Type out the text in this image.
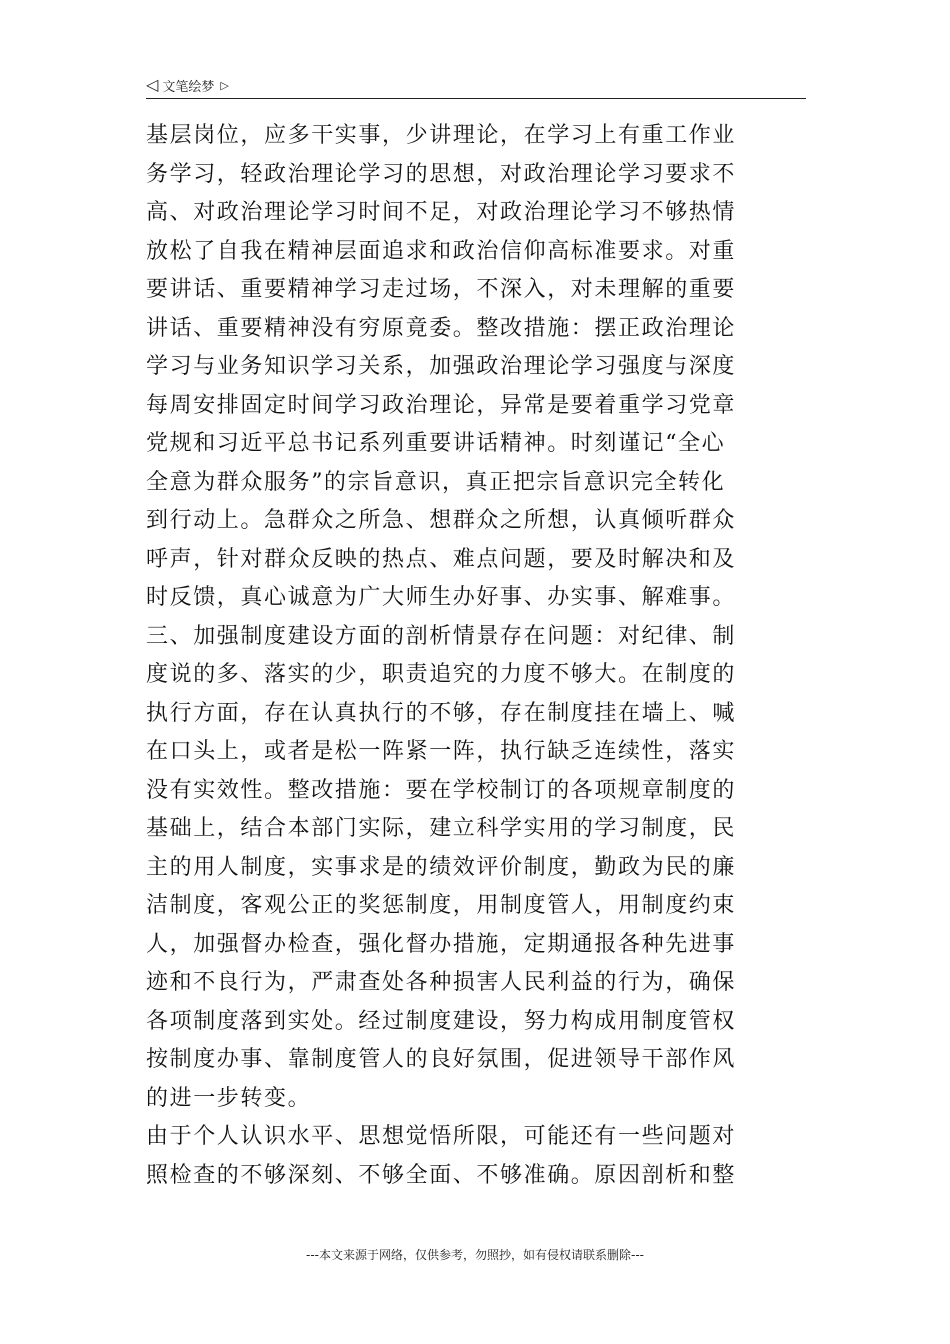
◁ 文笔绘梦 ▷
基层岗位，应多干实事，少讲理论，在学习上有重工作业
务学习，轻政治理论学习的思想，对政治理论学习要求不
高、对政治理论学习时间不足，对政治理论学习不够热情
放松了自我在精神层面追求和政治信仰高标准要求。对重
要讲话、重要精神学习走过场，不深入，对未理解的重要
讲话、重要精神没有穷原竟委。整改措施：摆正政治理论
学习与业务知识学习关系，加强政治理论学习强度与深度
每周安排固定时间学习政治理论，异常是要着重学习党章
党规和习近平总书记系列重要讲话精神。时刻谨记“全心
全意为群众服务”的宗旨意识，真正把宗旨意识完全转化
到行动上。急群众之所急、想群众之所想，认真倾听群众
呼声，针对群众反映的热点、难点问题，要及时解决和及
时反馈，真心诚意为广大师生办好事、办实事、解难事。
三、加强制度建设方面的剖析情景存在问题：对纪律、制
度说的多、落实的少，职责追究的力度不够大。在制度的
执行方面，存在认真执行的不够，存在制度挂在墙上、喊
在口头上，或者是松一阵紧一阵，执行缺乏连续性，落实
没有实效性。整改措施：要在学校制订的各项规章制度的
基础上，结合本部门实际，建立科学实用的学习制度，民
主的用人制度，实事求是的绩效评价制度，勤政为民的廉
洁制度，客观公正的奖惩制度，用制度管人，用制度约束
人，加强督办检查，强化督办措施，定期通报各种先进事
迹和不良行为，严肃查处各种损害人民利益的行为，确保
各项制度落到实处。经过制度建设，努力构成用制度管权
按制度办事、靠制度管人的良好氛围，促进领导干部作风
的进一步转变。
由于个人认识水平、思想觉悟所限，可能还有一些问题对
照检查的不够深刻、不够全面、不够准确。原因剖析和整
---本文来源于网络，仅供参考，勿照抄，如有侵权请联系删除---
